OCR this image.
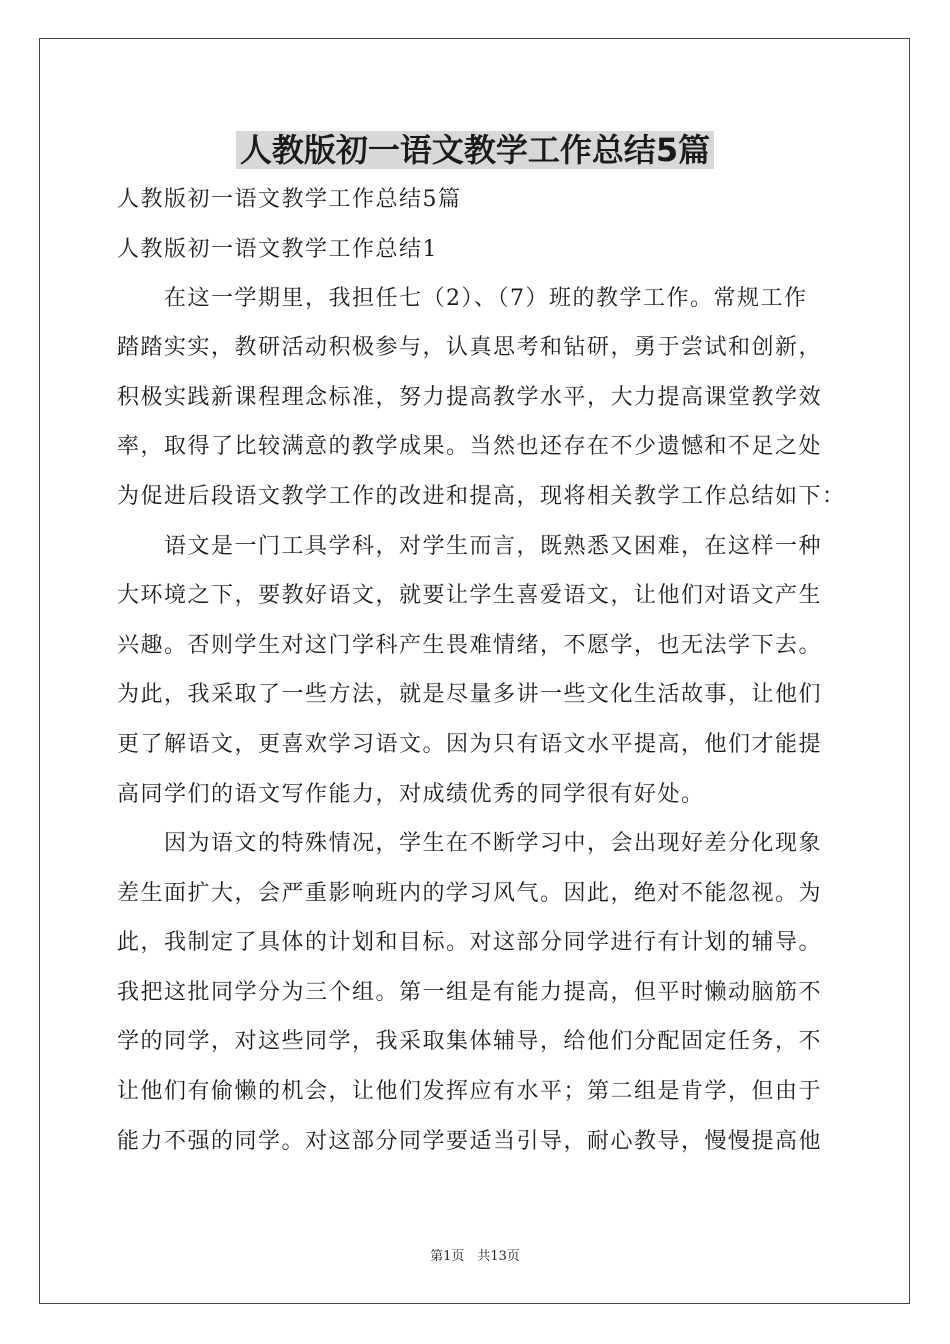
人教版初一语文教学工作总结5篇
人教版初一语文教学工作总结5篇
人教版初一语文教学工作总结1
　　在这一学期里，我担任七（2）、（7）班的教学工作。常规工作
踏踏实实，教研活动积极参与，认真思考和钻研，勇于尝试和创新，
积极实践新课程理念标准，努力提高教学水平，大力提高课堂教学效
率，取得了比较满意的教学成果。当然也还存在不少遗憾和不足之处
为促进后段语文教学工作的改进和提高，现将相关教学工作总结如下：
　　语文是一门工具学科，对学生而言，既熟悉又困难，在这样一种
大环境之下，要教好语文，就要让学生喜爱语文，让他们对语文产生
兴趣。否则学生对这门学科产生畏难情绪，不愿学，也无法学下去。
为此，我采取了一些方法，就是尽量多讲一些文化生活故事，让他们
更了解语文，更喜欢学习语文。因为只有语文水平提高，他们才能提
高同学们的语文写作能力，对成绩优秀的同学很有好处。
　　因为语文的特殊情况，学生在不断学习中，会出现好差分化现象
差生面扩大，会严重影响班内的学习风气。因此，绝对不能忽视。为
此，我制定了具体的计划和目标。对这部分同学进行有计划的辅导。
我把这批同学分为三个组。第一组是有能力提高，但平时懒动脑筋不
学的同学，对这些同学，我采取集体辅导，给他们分配固定任务，不
让他们有偷懒的机会，让他们发挥应有水平；第二组是肯学，但由于
能力不强的同学。对这部分同学要适当引导，耐心教导，慢慢提高他
第1页　共13页
